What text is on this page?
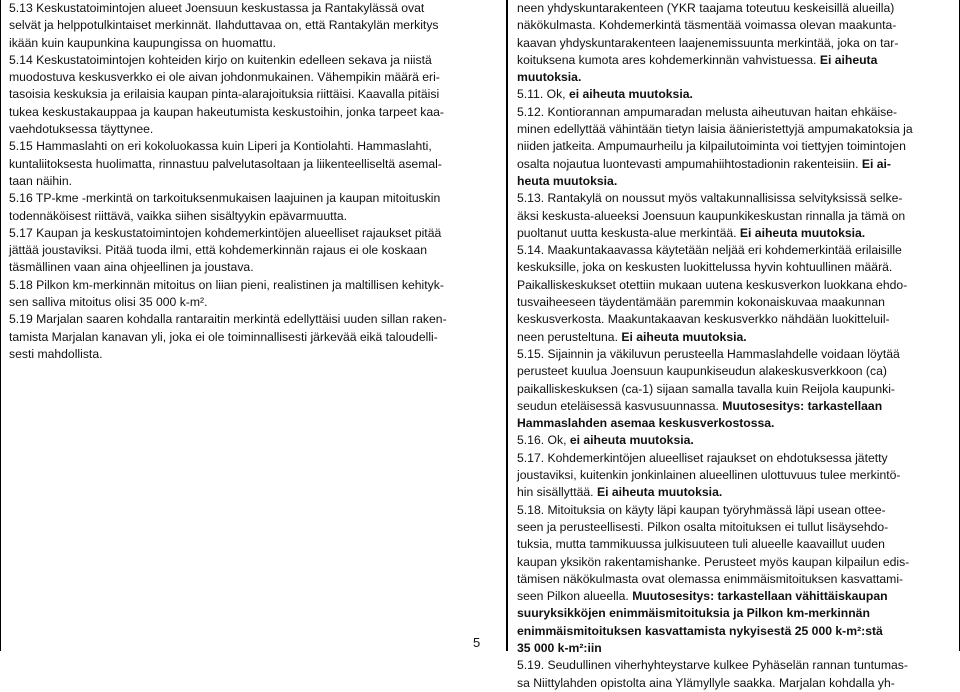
5.13 Keskustatoimintojen alueet Joensuun keskustassa ja Rantakylässä ovat
selvät ja helppotulkintaiset merkinnät. Ilahduttavaa on, että Rantakylän merkitys
ikään kuin kaupunkina kaupungissa on huomattu.
5.14 Keskustatoimintojen kohteiden kirjo on kuitenkin edelleen sekava ja niistä
muodostuva keskusverkko ei ole aivan johdonmukainen. Vähempikin määrä eri-
tasoisia keskuksia ja erilaisia kaupan pinta-alarajoituksia riittäisi. Kaavalla pitäisi
tukea keskustakauppaa ja kaupan hakeutumista keskustoihin, jonka tarpeet kaa-
vaehdotuksessa täyttynee.
5.15 Hammaslahti on eri kokoluokassa kuin Liperi ja Kontiolahti. Hammaslahti,
kuntaliitoksesta huolimatta, rinnastuu palvelutasoltaan ja liikenteelliseltä asemal-
taan näihin.
5.16 TP-kme -merkintä on tarkoituksenmukaisen laajuinen ja kaupan mitoituskin
todennäköisest riittävä, vaikka siihen sisältyykin epävarmuutta.
5.17 Kaupan ja keskustatoimintojen kohdemerkintöjen alueelliset rajaukset pitää
jättää joustaviksi. Pitää tuoda ilmi, että kohdemerkinnän rajaus ei ole koskaan
täsmällinen vaan aina ohjeellinen ja joustava.
5.18 Pilkon km-merkinnän mitoitus on liian pieni, realistinen ja maltillisen kehityk-
sen salliva mitoitus olisi 35 000 k-m².
5.19 Marjalan saaren kohdalla rantaraitin merkintä edellyttäisi uuden sillan raken-
tamista Marjalan kanavan yli, joka ei ole toiminnallisesti järkevää eikä taloudelli-
sesti mahdollista.
neen yhdyskuntarakenteen (YKR taajama toteutuu keskeisillä alueilla)
näkökulmasta. Kohdemerkintä täsmentää voimassa olevan maakunta-
kaavan yhdyskuntarakenteen laajenemissuunta merkintää, joka on tar-
koituksena kumota ares kohdemerkinnän vahvistuessa. Ei aiheuta
muutoksia.
5.11. Ok, ei aiheuta muutoksia.
5.12. Kontiorannan ampumaradan melusta aiheutuvan haitan ehkäise-
minen edellyttää vähintään tietyn laisia äänieristettyjä ampumakatoksia ja
niiden jatkeita. Ampumaurheilu ja kilpailutoiminta voi tiettyjen toimintojen
osalta nojautua luontevasti ampumahiihtostadionin rakenteisiin. Ei ai-
heuta muutoksia.
5.13. Rantakylä on noussut myös valtakunnallisissa selvityksissä selke-
äksi keskusta-alueeksi Joensuun kaupunkikeskustan rinnalla ja tämä on
puoltanut uutta keskusta-alue merkintää. Ei aiheuta muutoksia.
5.14. Maakuntakaavassa käytetään neljää eri kohdemerkintää erilaisille
keskuksille, joka on keskusten luokittelussa hyvin kohtuullinen määrä.
Paikalliskeskukset otettiin mukaan uutena keskusverkon luokkana ehdo-
tusvaiheeseen täydentämään paremmin kokonaiskuvaa maakunnan
keskusverkosta. Maakuntakaavan keskusverkko nähdään luokitteluil-
neen perusteltuna. Ei aiheuta muutoksia.
5.15. Sijainnin ja väkiluvun perusteella Hammaslahdelle voidaan löytää
perusteet kuulua Joensuun kaupunkiseudun alakeskusverkkoon (ca)
paikalliskeskuksen (ca-1) sijaan samalla tavalla kuin Reijola kaupunki-
seudun eteläisessä kasvusuunnassa. Muutosesitys: tarkastellaan
Hammaslahden asemaa keskusverkostossa.
5.16. Ok, ei aiheuta muutoksia.
5.17. Kohdemerkintöjen alueelliset rajaukset on ehdotuksessa jätetty
joustaviksi, kuitenkin jonkinlainen alueellinen ulottuvuus tulee merkintö-
hin sisällyttää. Ei aiheuta muutoksia.
5.18. Mitoituksia on käyty läpi kaupan työryhmässä läpi usean ottee-
seen ja perusteellisesti. Pilkon osalta mitoituksen ei tullut lisäysehdo-
tuksia, mutta tammikuussa julkisuuteen tuli alueelle kaavaillut uuden
kaupan yksikön rakentamishanke. Perusteet myös kaupan kilpailun edis-
tämisen näkökulmasta ovat olemassa enimmäismitoituksen kasvattami-
seen Pilkon alueella. Muutosesitys: tarkastellaan vähittäiskaupan
suuryksikköjen enimmäismitoituksia ja Pilkon km-merkinnän
enimmäismitoituksen kasvattamista nykyisestä 25 000 k-m²:stä
35 000 k-m²:iin
5.19. Seudullinen viherhyhteystarve kulkee Pyhäselän rannan tuntumas-
sa Niittylahden opistolta aina Ylämyllyle saakka. Marjalan kohdalla yh-
5
